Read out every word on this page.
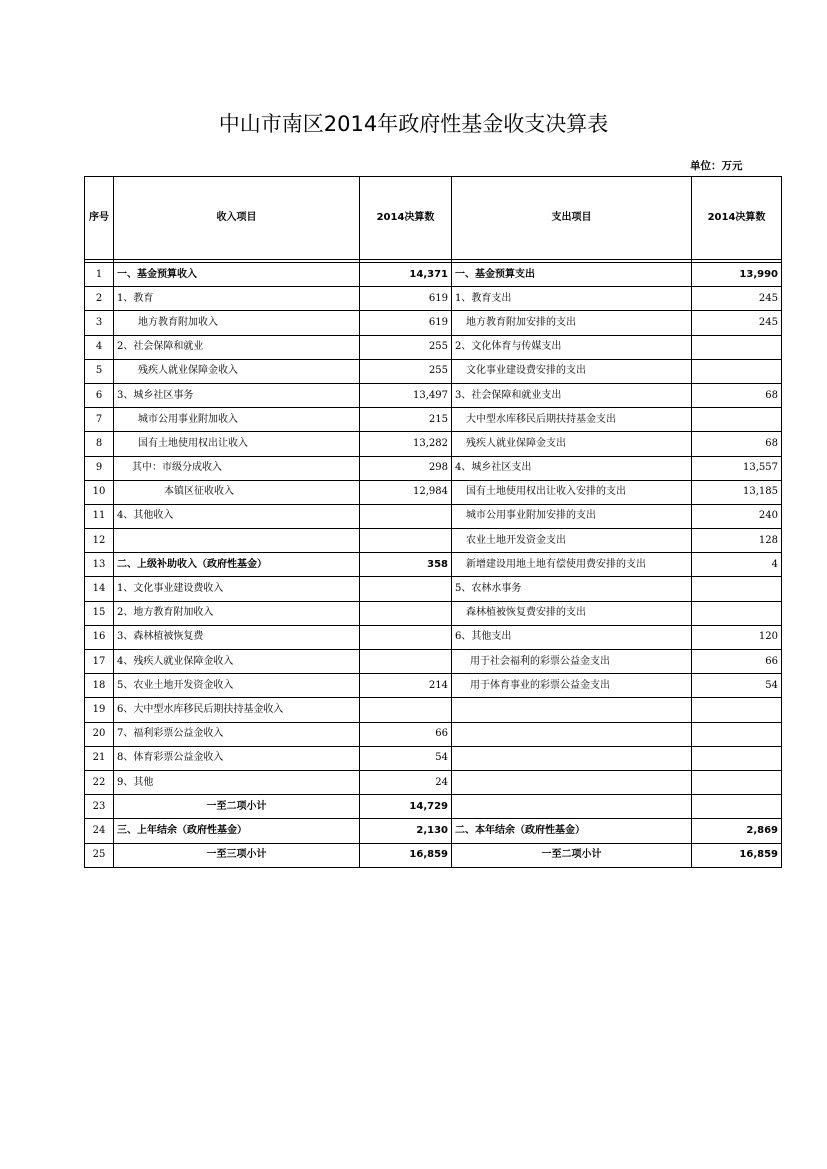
中山市南区2014年政府性基金收支决算表
单位：万元
序号	收入项目	2014决算数	支出项目	2014决算数

1	一、基金预算收入	14,371	一、基金预算支出	13,990
2	1、教育	619	1、教育支出	245
3	地方教育附加收入	619	地方教育附加安排的支出	245
4	2、社会保障和就业	255	2、文化体育与传媒支出	
5	残疾人就业保障金收入	255	文化事业建设费安排的支出	
6	3、城乡社区事务	13,497	3、社会保障和就业支出	68
7	城市公用事业附加收入	215	大中型水库移民后期扶持基金支出	
8	国有土地使用权出让收入	13,282	残疾人就业保障金支出	68
9	其中：市级分成收入	298	4、城乡社区支出	13,557
10	本镇区征收收入	12,984	国有土地使用权出让收入安排的支出	13,185
11	4、其他收入		城市公用事业附加安排的支出	240
12			农业土地开发资金支出	128
13	二、上级补助收入（政府性基金）	358	新增建设用地土地有偿使用费安排的支出	4
14	1、文化事业建设费收入		5、农林水事务	
15	2、地方教育附加收入		森林植被恢复费安排的支出	
16	3、森林植被恢复费		6、其他支出	120
17	4、残疾人就业保障金收入		用于社会福利的彩票公益金支出	66
18	5、农业土地开发资金收入	214	用于体育事业的彩票公益金支出	54
19	6、大中型水库移民后期扶持基金收入			
20	7、福利彩票公益金收入	66		
21	8、体育彩票公益金收入	54		
22	9、其他	24		
23	一至二项小计	14,729		
24	三、上年结余（政府性基金）	2,130	二、本年结余（政府性基金）	2,869
25	一至三项小计	16,859	一至二项小计	16,859
